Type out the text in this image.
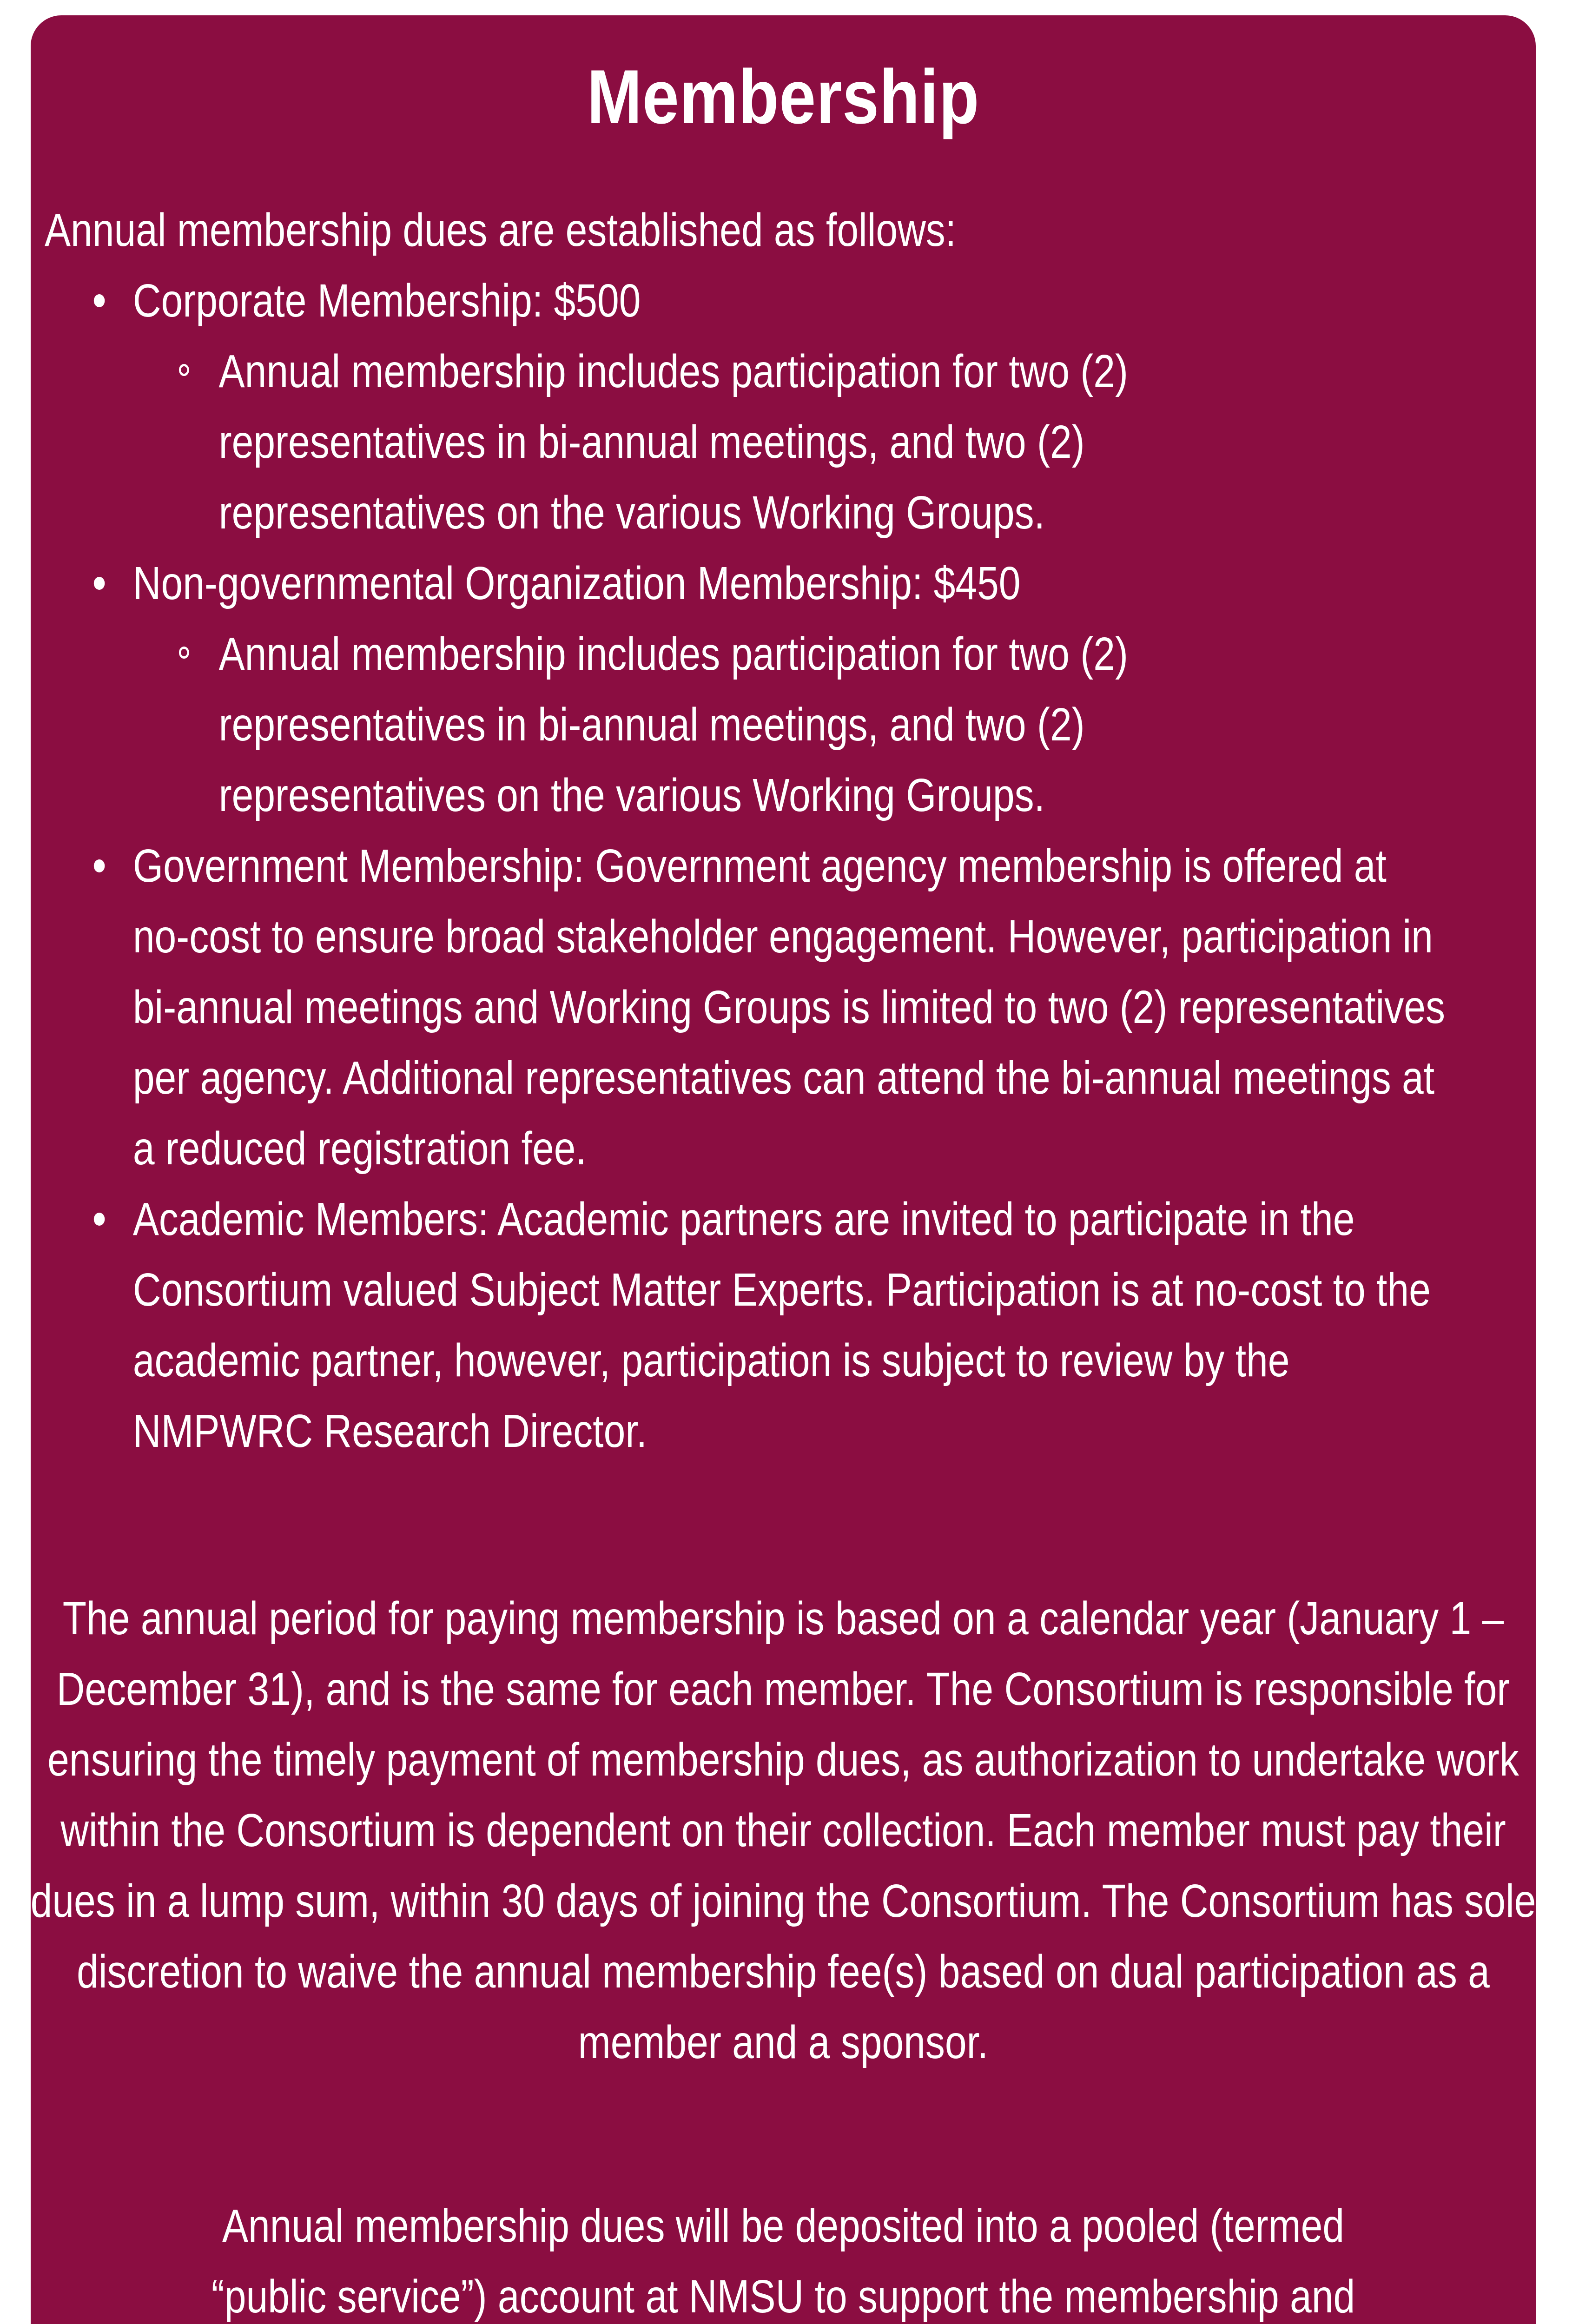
Membership
Annual membership dues are established as follows:
Corporate Membership: $500
Annual membership includes participation for two (2) representatives in bi-annual meetings, and two (2) representatives on the various Working Groups.
Non-governmental Organization Membership: $450
Annual membership includes participation for two (2) representatives in bi-annual meetings, and two (2) representatives on the various Working Groups.
Government Membership: Government agency membership is offered at no-cost to ensure broad stakeholder engagement. However, participation in bi-annual meetings and Working Groups is limited to two (2) representatives per agency. Additional representatives can attend the bi-annual meetings at a reduced registration fee.
Academic Members: Academic partners are invited to participate in the Consortium valued Subject Matter Experts. Participation is at no-cost to the academic partner, however, participation is subject to review by the NMPWRC Research Director.
The annual period for paying membership is based on a calendar year (January 1 – December 31), and is the same for each member. The Consortium is responsible for ensuring the timely payment of membership dues, as authorization to undertake work within the Consortium is dependent on their collection. Each member must pay their dues in a lump sum, within 30 days of joining the Consortium. The Consortium has sole discretion to waive the annual membership fee(s) based on dual participation as a member and a sponsor.
Annual membership dues will be deposited into a pooled (termed “public service”) account at NMSU to support the membership and
